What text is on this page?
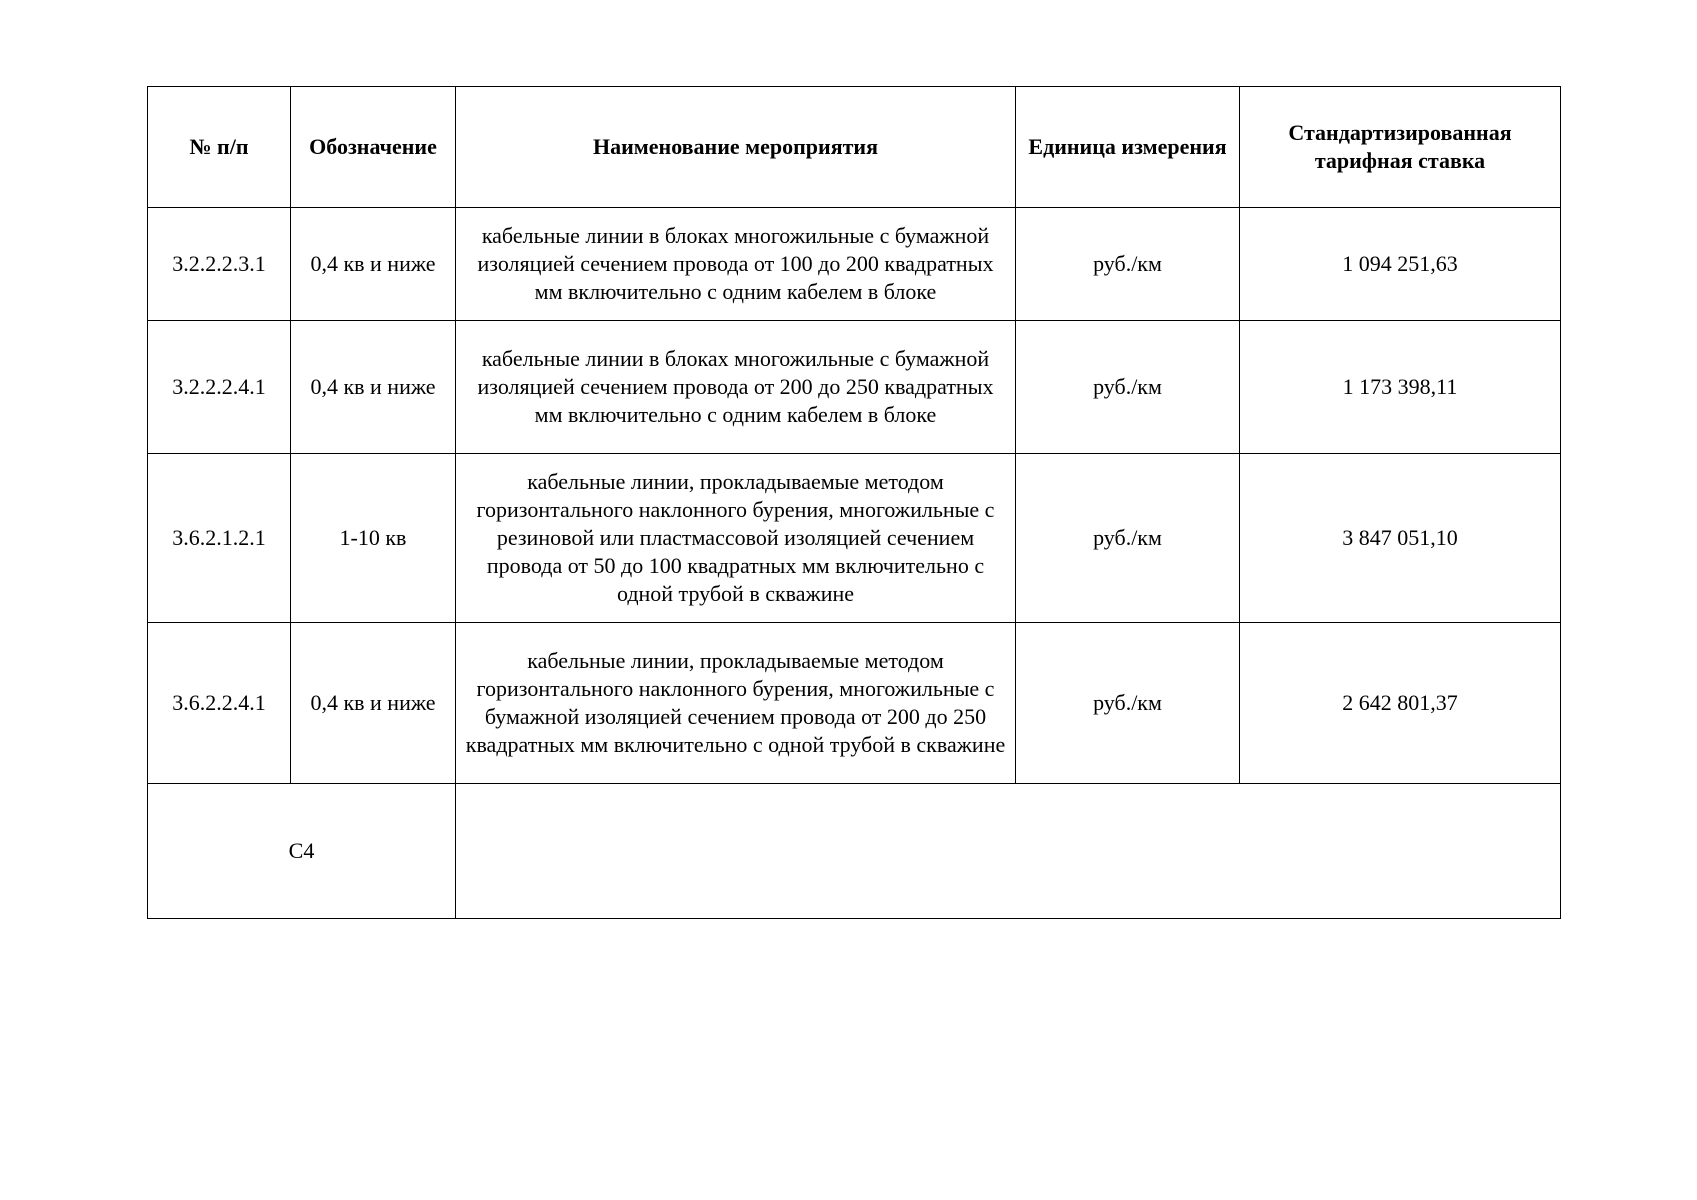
№ п/п	Обозначение	Наименование мероприятия	Единица измерения	Стандартизированная тарифная ставка
3.2.2.2.3.1	0,4 кв и ниже	кабельные линии в блоках многожильные с бумажной изоляцией сечением провода от 100 до 200 квадратных мм включительно с одним кабелем в блоке	руб./км	1 094 251,63
3.2.2.2.4.1	0,4 кв и ниже	кабельные линии в блоках многожильные с бумажной изоляцией сечением провода от 200 до 250 квадратных мм включительно с одним кабелем в блоке	руб./км	1 173 398,11
3.6.2.1.2.1	1-10 кв	кабельные линии, прокладываемые методом горизонтального наклонного бурения, многожильные с резиновой или пластмассовой изоляцией сечением провода от 50 до 100 квадратных мм включительно с одной трубой в скважине	руб./км	3 847 051,10
3.6.2.2.4.1	0,4 кв и ниже	кабельные линии, прокладываемые методом горизонтального наклонного бурения, многожильные с бумажной изоляцией сечением провода от 200 до 250 квадратных мм включительно с одной трубой в скважине	руб./км	2 642 801,37
С4				
